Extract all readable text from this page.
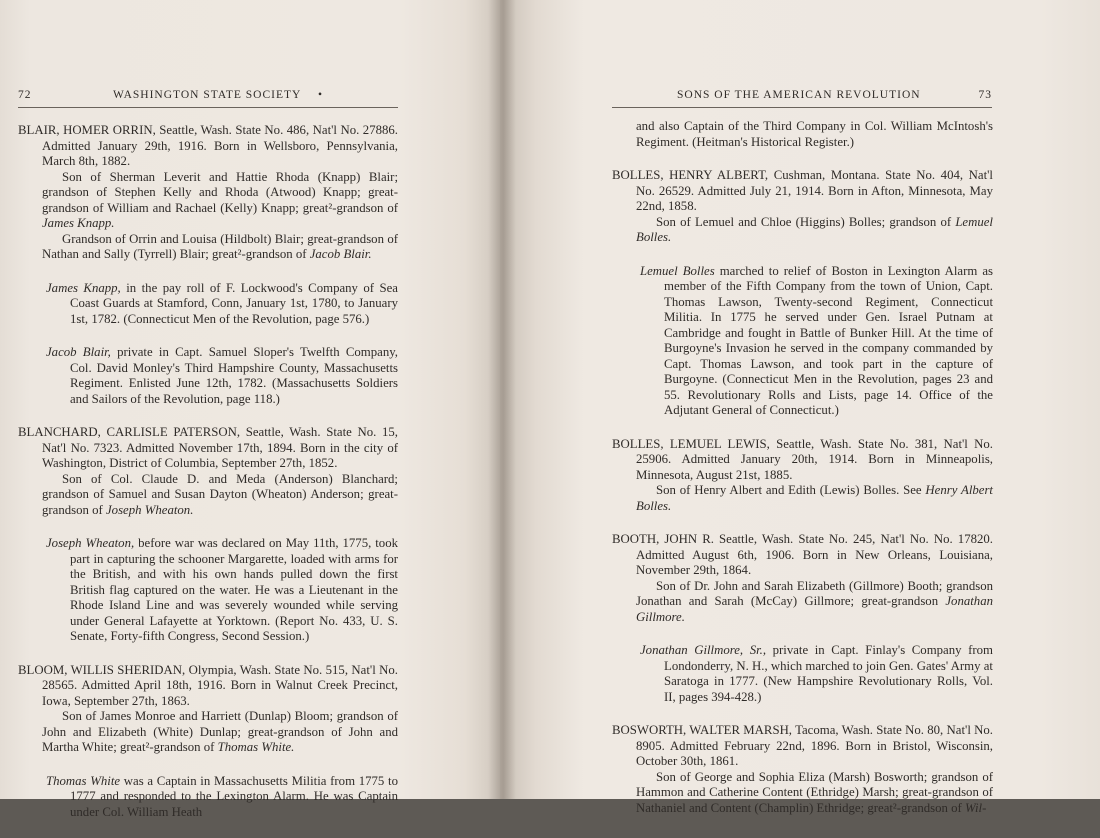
72	WASHINGTON STATE SOCIETY •

BLAIR, HOMER ORRIN, Seattle, Wash. State No. 486, Nat'l No. 27886. Admitted January 29th, 1916. Born in Wellsboro, Pennsylvania, March 8th, 1882.

Son of Sherman Leverit and Hattie Rhoda (Knapp) Blair; grandson of Stephen Kelly and Rhoda (Atwood) Knapp; great-grandson of William and Rachael (Kelly) Knapp; great²-grandson of James Knapp.

Grandson of Orrin and Louisa (Hildbolt) Blair; great-grandson of Nathan and Sally (Tyrrell) Blair; great²-grandson of Jacob Blair.

James Knapp, in the pay roll of F. Lockwood's Company of Sea Coast Guards at Stamford, Conn, January 1st, 1780, to January 1st, 1782. (Connecticut Men of the Revolution, page 576.)

Jacob Blair, private in Capt. Samuel Sloper's Twelfth Company, Col. David Monley's Third Hampshire County, Massachusetts Regiment. Enlisted June 12th, 1782. (Massachusetts Soldiers and Sailors of the Revolution, page 118.)

BLANCHARD, CARLISLE PATERSON, Seattle, Wash. State No. 15, Nat'l No. 7323. Admitted November 17th, 1894. Born in the city of Washington, District of Columbia, September 27th, 1852.

Son of Col. Claude D. and Meda (Anderson) Blanchard; grandson of Samuel and Susan Dayton (Wheaton) Anderson; great-grandson of Joseph Wheaton.

Joseph Wheaton, before war was declared on May 11th, 1775, took part in capturing the schooner Margarette, loaded with arms for the British, and with his own hands pulled down the first British flag captured on the water. He was a Lieutenant in the Rhode Island Line and was severely wounded while serving under General Lafayette at Yorktown. (Report No. 433, U. S. Senate, Forty-fifth Congress, Second Session.)

BLOOM, WILLIS SHERIDAN, Olympia, Wash. State No. 515, Nat'l No. 28565. Admitted April 18th, 1916. Born in Walnut Creek Precinct, Iowa, September 27th, 1863.

Son of James Monroe and Harriett (Dunlap) Bloom; grandson of John and Elizabeth (White) Dunlap; great-grandson of John and Martha White; great²-grandson of Thomas White.

Thomas White was a Captain in Massachusetts Militia from 1775 to 1777 and responded to the Lexington Alarm. He was Captain under Col. William Heath

SONS OF THE AMERICAN REVOLUTION	73

and also Captain of the Third Company in Col. William McIntosh's Regiment. (Heitman's Historical Register.)

BOLLES, HENRY ALBERT, Cushman, Montana. State No. 404, Nat'l No. 26529. Admitted July 21, 1914. Born in Afton, Minnesota, May 22nd, 1858.

Son of Lemuel and Chloe (Higgins) Bolles; grandson of Lemuel Bolles.

Lemuel Bolles marched to relief of Boston in Lexington Alarm as member of the Fifth Company from the town of Union, Capt. Thomas Lawson, Twenty-second Regiment, Connecticut Militia. In 1775 he served under Gen. Israel Putnam at Cambridge and fought in Battle of Bunker Hill. At the time of Burgoyne's Invasion he served in the company commanded by Capt. Thomas Lawson, and took part in the capture of Burgoyne. (Connecticut Men in the Revolution, pages 23 and 55. Revolutionary Rolls and Lists, page 14. Office of the Adjutant General of Connecticut.)

BOLLES, LEMUEL LEWIS, Seattle, Wash. State No. 381, Nat'l No. 25906. Admitted January 20th, 1914. Born in Minneapolis, Minnesota, August 21st, 1885.

Son of Henry Albert and Edith (Lewis) Bolles. See Henry Albert Bolles.

BOOTH, JOHN R. Seattle, Wash. State No. 245, Nat'l No. No. 17820. Admitted August 6th, 1906. Born in New Orleans, Louisiana, November 29th, 1864.

Son of Dr. John and Sarah Elizabeth (Gillmore) Booth; grandson Jonathan and Sarah (McCay) Gillmore; great-grandson Jonathan Gillmore.

Jonathan Gillmore, Sr., private in Capt. Finlay's Company from Londonderry, N. H., which marched to join Gen. Gates' Army at Saratoga in 1777. (New Hampshire Revolutionary Rolls, Vol. II, pages 394-428.)

BOSWORTH, WALTER MARSH, Tacoma, Wash. State No. 80, Nat'l No. 8905. Admitted February 22nd, 1896. Born in Bristol, Wisconsin, October 30th, 1861.

Son of George and Sophia Eliza (Marsh) Bosworth; grandson of Hammon and Catherine Content (Ethridge) Marsh; great-grandson of Nathaniel and Content (Champlin) Ethridge; great²-grandson of Wil-
